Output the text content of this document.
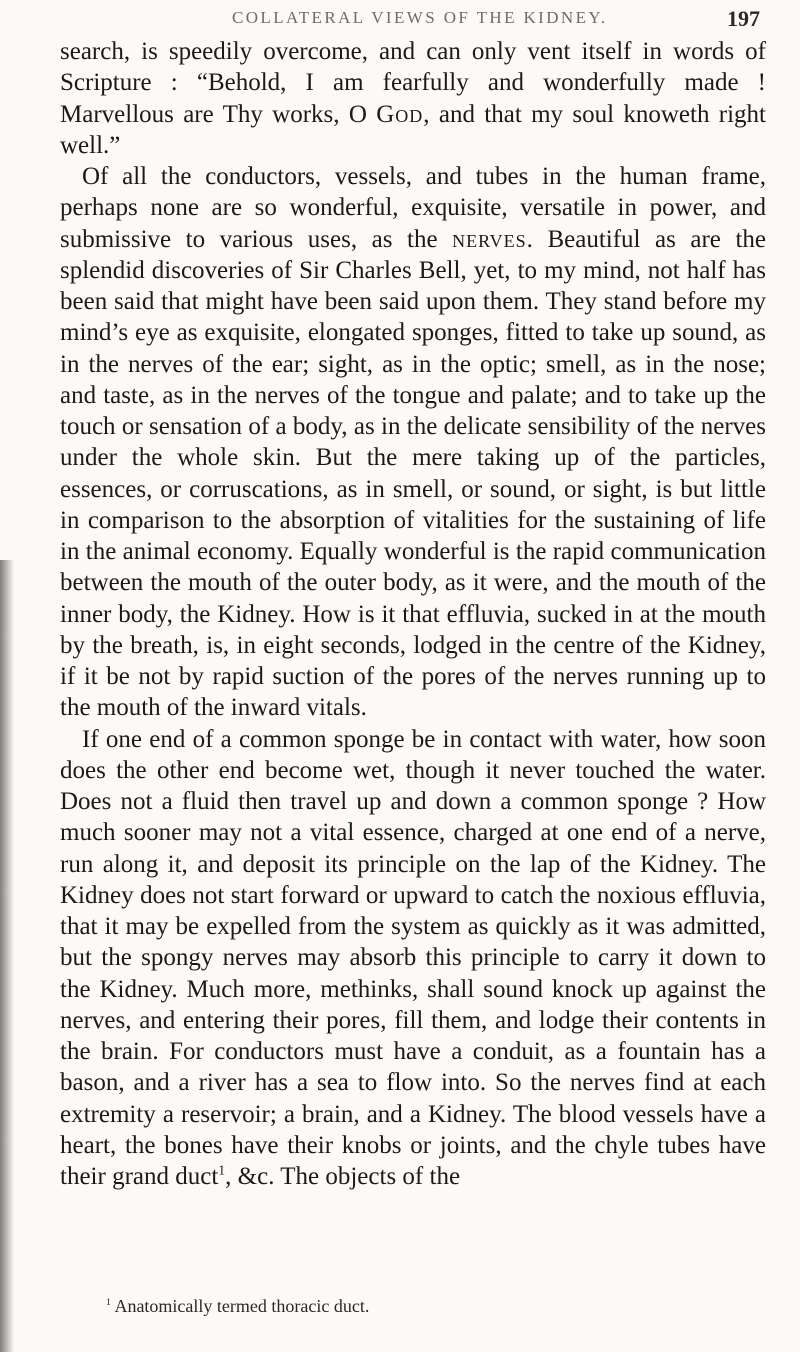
COLLATERAL VIEWS OF THE KIDNEY.	197

search, is speedily overcome, and can only vent itself in words of Scripture : “Behold, I am fearfully and wonderfully made ! Marvellous are Thy works, O God, and that my soul knoweth right well.”

Of all the conductors, vessels, and tubes in the human frame, perhaps none are so wonderful, exquisite, versatile in power, and submissive to various uses, as the nerves. Beautiful as are the splendid discoveries of Sir Charles Bell, yet, to my mind, not half has been said that might have been said upon them. They stand before my mind’s eye as exquisite, elongated sponges, fitted to take up sound, as in the nerves of the ear; sight, as in the optic; smell, as in the nose; and taste, as in the nerves of the tongue and palate; and to take up the touch or sensation of a body, as in the delicate sensibility of the nerves under the whole skin. But the mere taking up of the particles, essences, or corruscations, as in smell, or sound, or sight, is but little in comparison to the absorption of vitalities for the sustaining of life in the animal economy. Equally wonderful is the rapid communication between the mouth of the outer body, as it were, and the mouth of the inner body, the Kidney. How is it that effluvia, sucked in at the mouth by the breath, is, in eight seconds, lodged in the centre of the Kidney, if it be not by rapid suction of the pores of the nerves running up to the mouth of the inward vitals.

If one end of a common sponge be in contact with water, how soon does the other end become wet, though it never touched the water. Does not a fluid then travel up and down a common sponge ? How much sooner may not a vital essence, charged at one end of a nerve, run along it, and deposit its principle on the lap of the Kidney. The Kidney does not start forward or upward to catch the noxious effluvia, that it may be expelled from the system as quickly as it was admitted, but the spongy nerves may absorb this principle to carry it down to the Kidney. Much more, methinks, shall sound knock up against the nerves, and entering their pores, fill them, and lodge their contents in the brain. For conductors must have a conduit, as a fountain has a bason, and a river has a sea to flow into. So the nerves find at each extremity a reservoir; a brain, and a Kidney. The blood vessels have a heart, the bones have their knobs or joints, and the chyle tubes have their grand duct$^1$, &c. The objects of the

$^1$ Anatomically termed thoracic duct.
